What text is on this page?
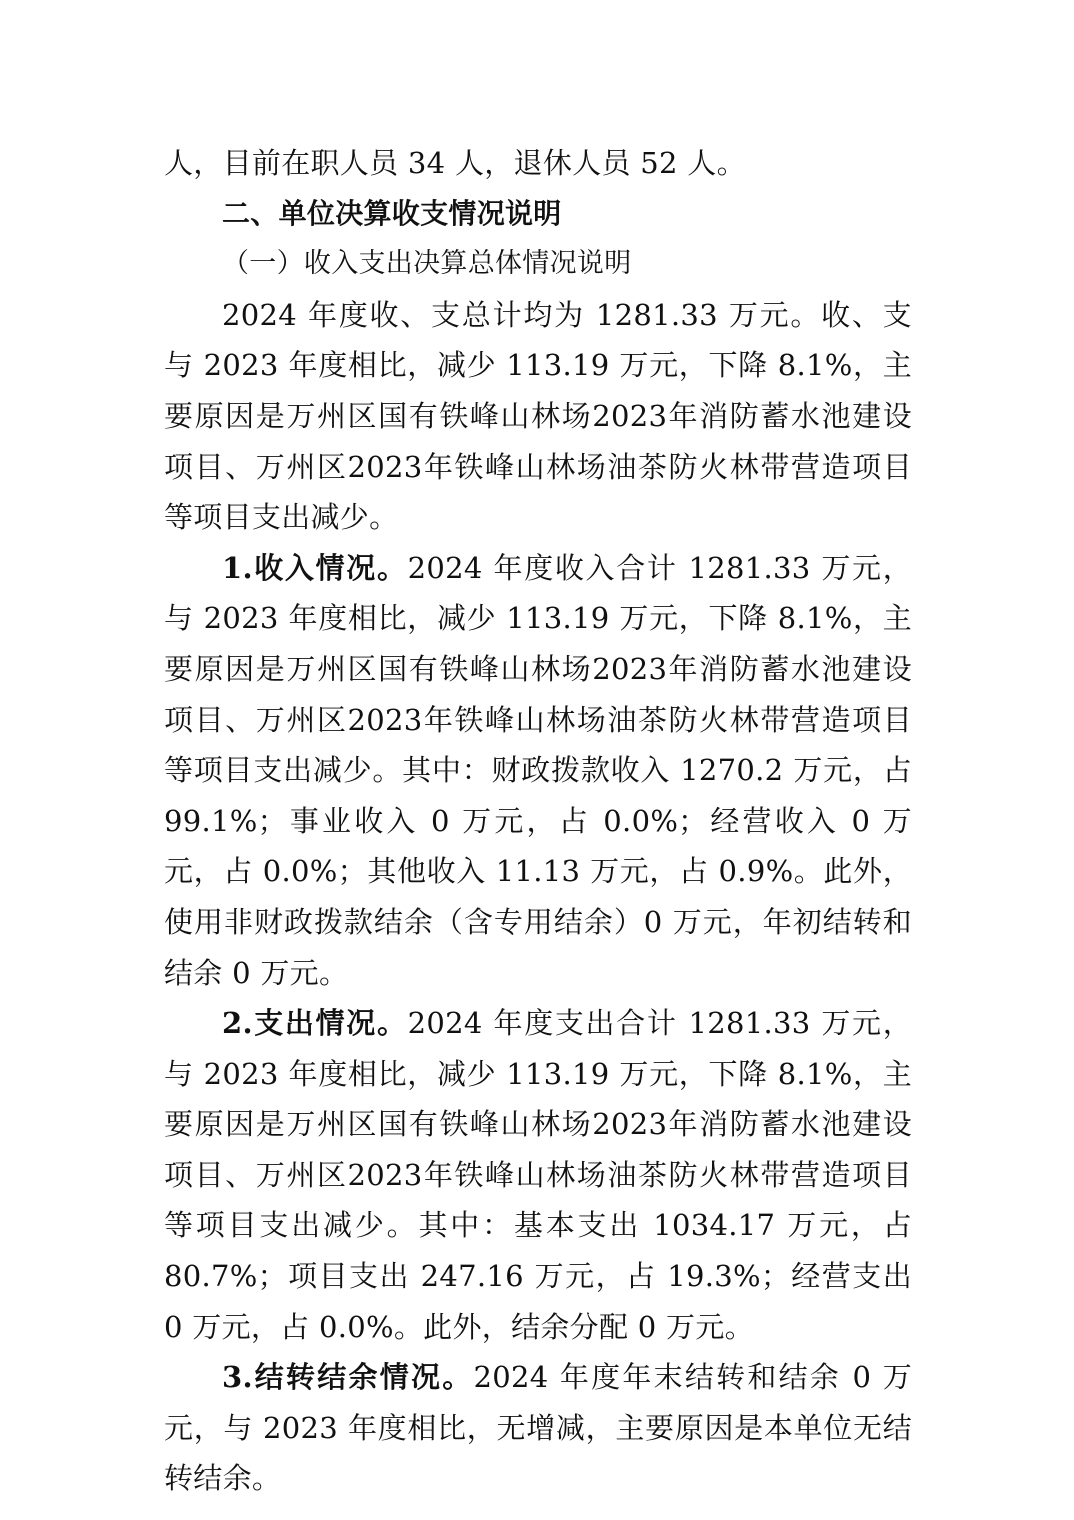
人，目前在职人员 34 人，退休人员 52 人。

二、单位决算收支情况说明

（一）收入支出决算总体情况说明

2024 年度收、支总计均为 1281.33 万元。收、支与 2023 年度相比，减少 113.19 万元，下降 8.1%，主要原因是万州区国有铁峰山林场2023年消防蓄水池建设项目、万州区2023年铁峰山林场油茶防火林带营造项目等项目支出减少。

1.收入情况。2024 年度收入合计 1281.33 万元，与 2023 年度相比，减少 113.19 万元，下降 8.1%，主要原因是万州区国有铁峰山林场2023年消防蓄水池建设项目、万州区2023年铁峰山林场油茶防火林带营造项目等项目支出减少。其中：财政拨款收入 1270.2 万元，占 99.1%；事业收入 0 万元，占 0.0%；经营收入 0 万元，占 0.0%；其他收入 11.13 万元，占 0.9%。此外，使用非财政拨款结余（含专用结余）0 万元，年初结转和结余 0 万元。

2.支出情况。2024 年度支出合计 1281.33 万元，与 2023 年度相比，减少 113.19 万元，下降 8.1%，主要原因是万州区国有铁峰山林场2023年消防蓄水池建设项目、万州区2023年铁峰山林场油茶防火林带营造项目等项目支出减少。其中：基本支出 1034.17 万元，占 80.7%；项目支出 247.16 万元，占 19.3%；经营支出 0 万元，占 0.0%。此外，结余分配 0 万元。

3.结转结余情况。2024 年度年末结转和结余 0 万元，与 2023 年度相比，无增减，主要原因是本单位无结转结余。
